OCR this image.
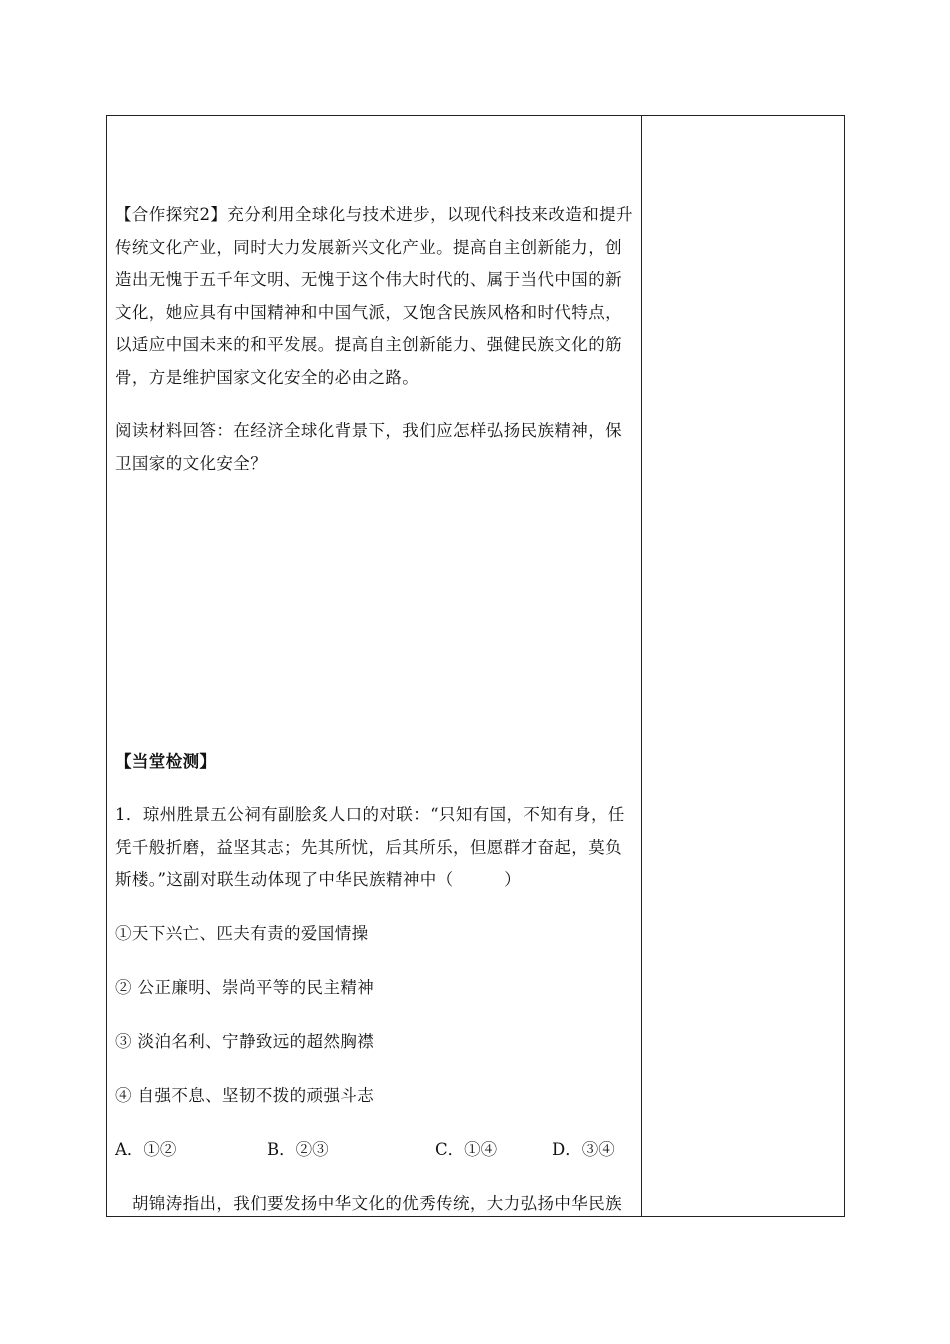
【合作探究2】充分利用全球化与技术进步，以现代科技来改造和提升传统文化产业，同时大力发展新兴文化产业。提高自主创新能力，创造出无愧于五千年文明、无愧于这个伟大时代的、属于当代中国的新文化，她应具有中国精神和中国气派，又饱含民族风格和时代特点，以适应中国未来的和平发展。提高自主创新能力、强健民族文化的筋骨，方是维护国家文化安全的必由之路。
阅读材料回答：在经济全球化背景下，我们应怎样弘扬民族精神，保卫国家的文化安全？
【当堂检测】
1．琼州胜景五公祠有副脍炙人口的对联：“只知有国，不知有身，任凭千般折磨，益坚其志；先其所忧，后其所乐，但愿群才奋起，莫负斯楼。”这副对联生动体现了中华民族精神中（　　　）
①天下兴亡、匹夫有责的爱国情操
② 公正廉明、崇尚平等的民主精神
③ 淡泊名利、宁静致远的超然胸襟
④ 自强不息、坚韧不拨的顽强斗志
A．①②	B．②③	C．①④	D．③④
　胡锦涛指出，我们要发扬中华文化的优秀传统，大力弘扬中华民族
